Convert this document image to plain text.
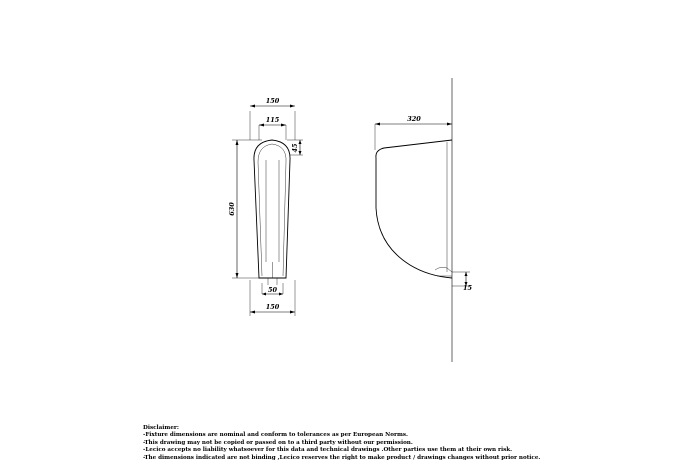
150
115
45
630
50
150
320
15
Disclaimer:
-Fixture dimensions are nominal and conform to tolerances as per European Norms.
-This drawing may not be copied or passed on to a third party without our permission.
-Lecico accepts no liability whatsoever for this data and technical drawings .Other parties use them at their own risk.
-The dimensions indicated are not binding ,Lecico reserves the right to make product / drawings changes without prior notice.
